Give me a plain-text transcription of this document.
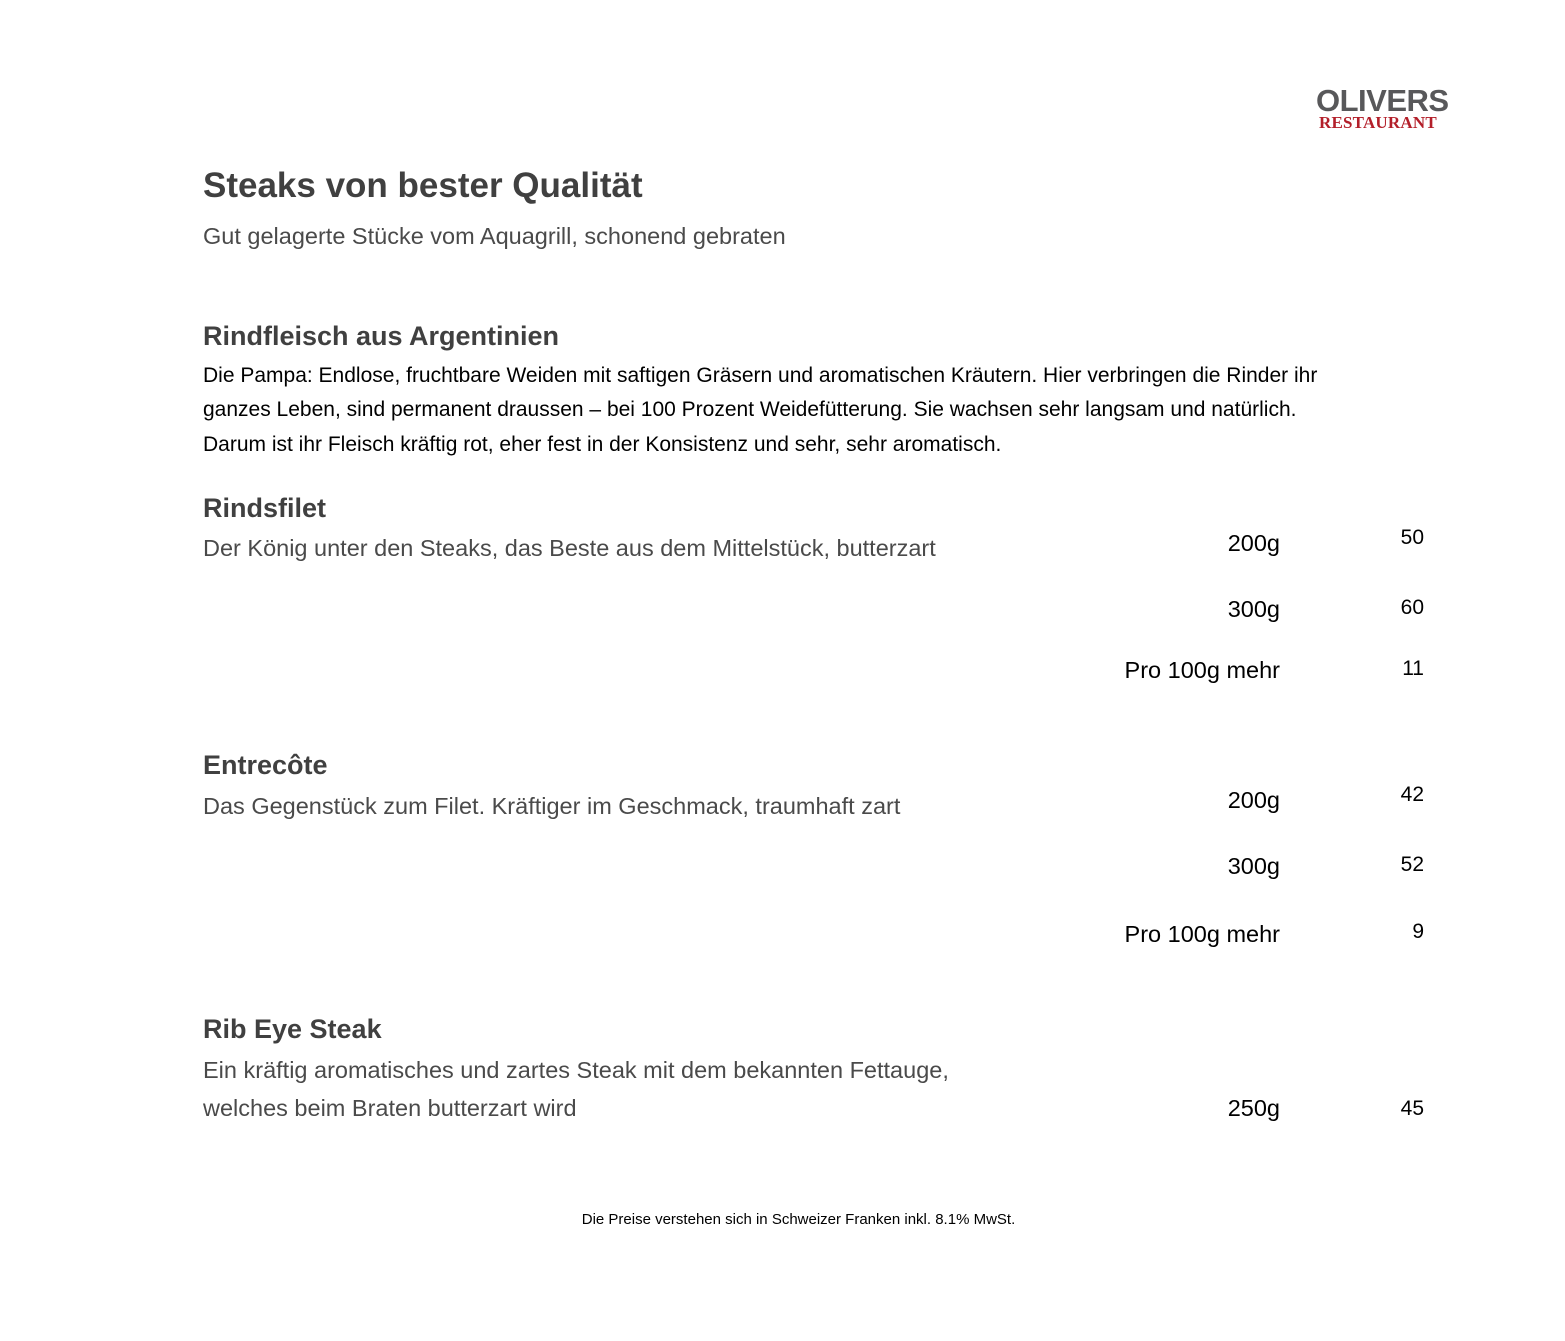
OLIVERS
RESTAURANT
Steaks von bester Qualität
Gut gelagerte Stücke vom Aquagrill, schonend gebraten
Rindfleisch aus Argentinien
Die Pampa: Endlose, fruchtbare Weiden mit saftigen Gräsern und aromatischen Kräutern. Hier verbringen die Rinder ihr
ganzes Leben, sind permanent draussen – bei 100 Prozent Weidefütterung. Sie wachsen sehr langsam und natürlich.
Darum ist ihr Fleisch kräftig rot, eher fest in der Konsistenz und sehr, sehr aromatisch.
Rindsfilet
Der König unter den Steaks, das Beste aus dem Mittelstück, butterzart	200g	50
300g	60
Pro 100g mehr	11
Entrecôte
Das Gegenstück zum Filet. Kräftiger im Geschmack, traumhaft zart	200g	42
300g	52
Pro 100g mehr	9
Rib Eye Steak
Ein kräftig aromatisches und zartes Steak mit dem bekannten Fettauge,
welches beim Braten butterzart wird	250g	45
Die Preise verstehen sich in Schweizer Franken inkl. 8.1% MwSt.
